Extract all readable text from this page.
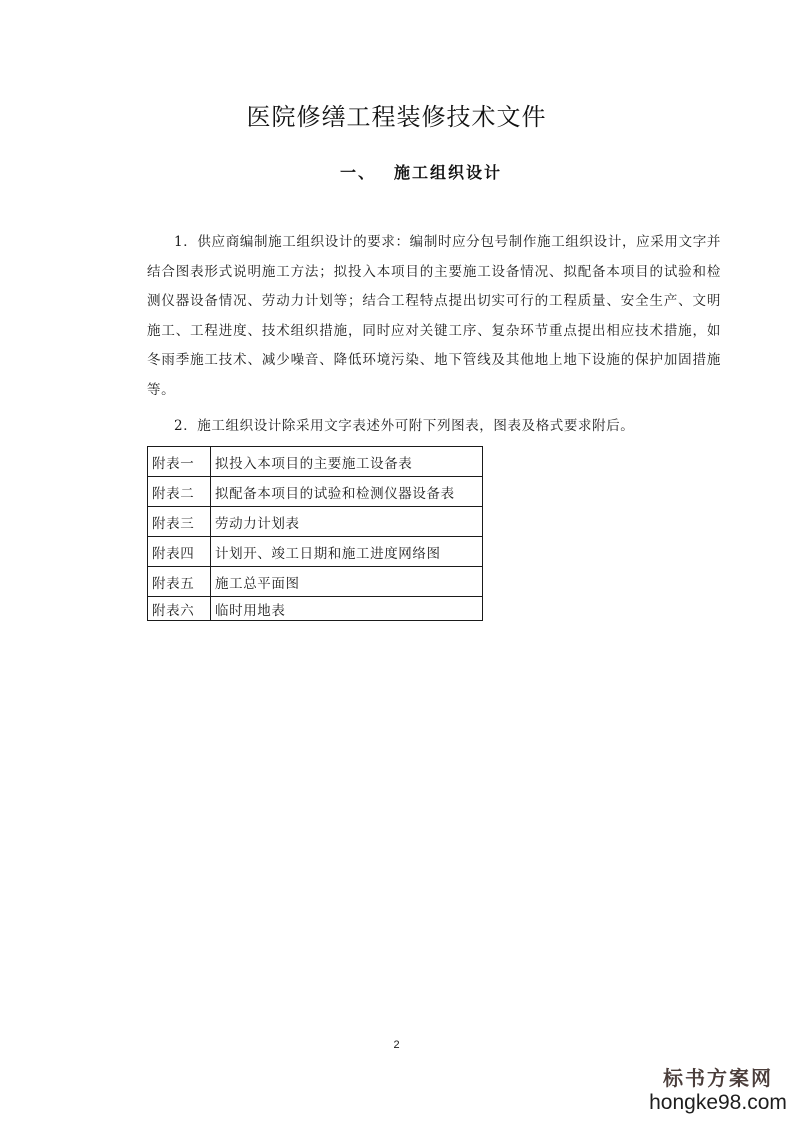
医院修缮工程装修技术文件
一、 施工组织设计

1．供应商编制施工组织设计的要求：编制时应分包号制作施工组织设计，应采用文字并结合图表形式说明施工方法；拟投入本项目的主要施工设备情况、拟配备本项目的试验和检测仪器设备情况、劳动力计划等；结合工程特点提出切实可行的工程质量、安全生产、文明施工、工程进度、技术组织措施，同时应对关键工序、复杂环节重点提出相应技术措施，如冬雨季施工技术、减少噪音、降低环境污染、地下管线及其他地上地下设施的保护加固措施等。

2．施工组织设计除采用文字表述外可附下列图表，图表及格式要求附后。

附表一	拟投入本项目的主要施工设备表
附表二	拟配备本项目的试验和检测仪器设备表
附表三	劳动力计划表
附表四	计划开、竣工日期和施工进度网络图
附表五	施工总平面图
附表六	临时用地表
2
标书方案网
hongke98.com
